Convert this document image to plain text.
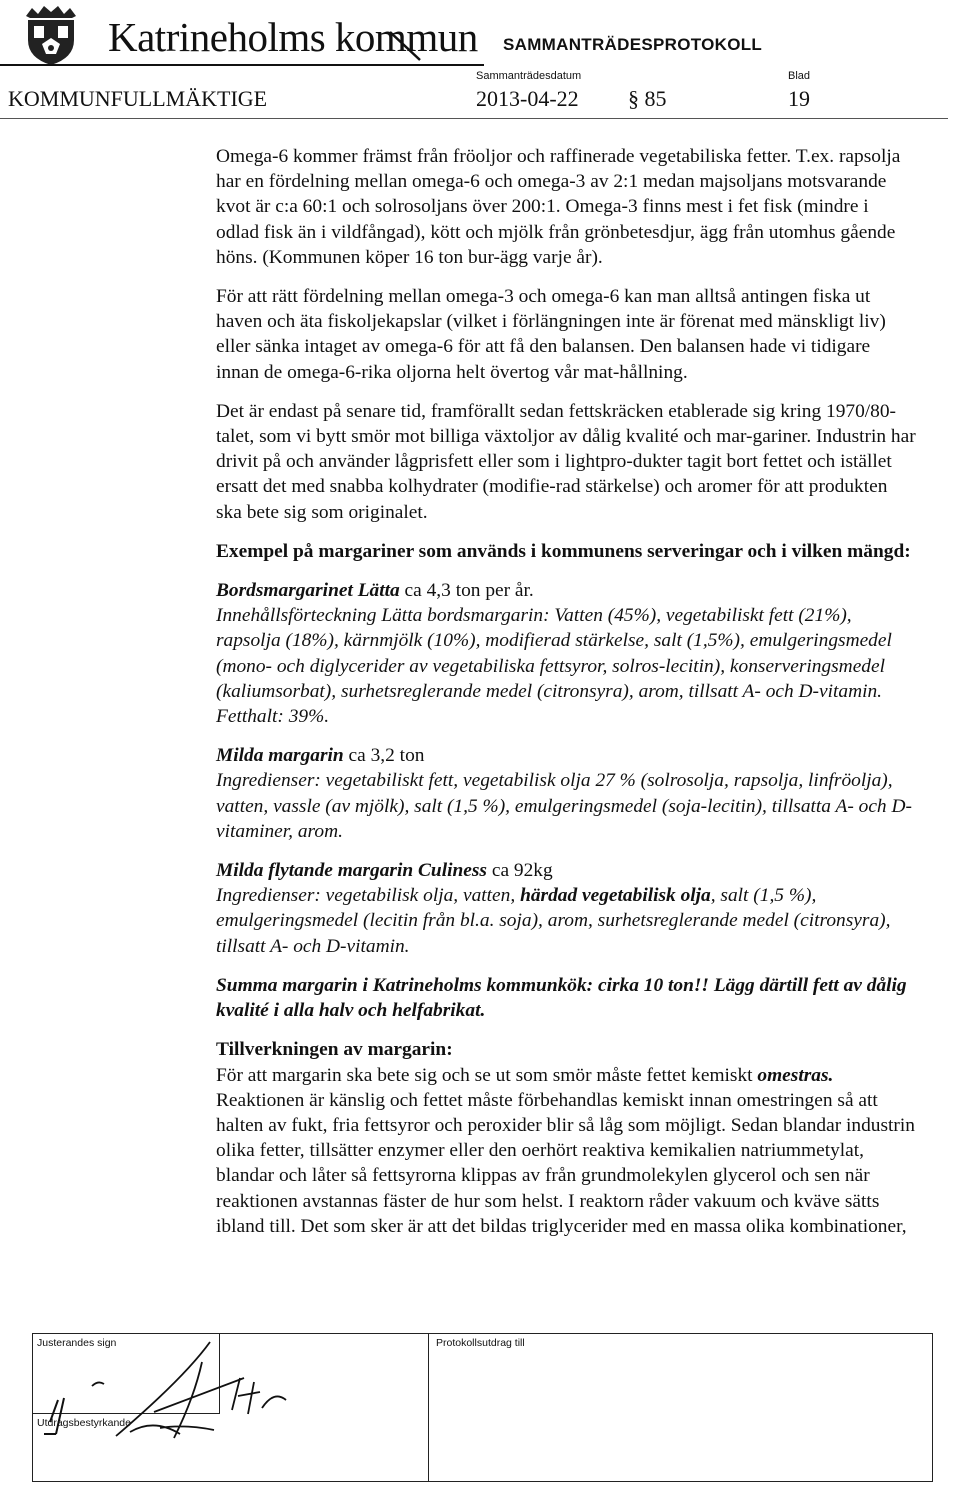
Katrineholms kommun SAMMANTRÄDESPROTOKOLL
KOMMUNFULLMÄKTIGE
Sammanträdesdatum
2013-04-22 § 85
Blad
19

Omega-6 kommer främst från fröoljor och raffinerade vegetabiliska fetter. T.ex. rapsolja har en fördelning mellan omega-6 och omega-3 av 2:1 medan majsoljans motsvarande kvot är c:a 60:1 och solrosoljans över 200:1. Omega-3 finns mest i fet fisk (mindre i odlad fisk än i vildfångad), kött och mjölk från grönbetesdjur, ägg från utomhus gående höns. (Kommunen köper 16 ton bur-ägg varje år).

För att rätt fördelning mellan omega-3 och omega-6 kan man alltså antingen fiska ut haven och äta fiskoljekapslar (vilket i förlängningen inte är förenat med mänskligt liv) eller sänka intaget av omega-6 för att få den balansen. Den balansen hade vi tidigare innan de omega-6-rika oljorna helt övertog vår mat-hållning.

Det är endast på senare tid, framförallt sedan fettskräcken etablerade sig kring 1970/80-talet, som vi bytt smör mot billiga växtoljor av dålig kvalité och mar-gariner. Industrin har drivit på och använder lågprisfett eller som i lightpro-dukter tagit bort fettet och istället ersatt det med snabba kolhydrater (modifie-rad stärkelse) och aromer för att produkten ska bete sig som originalet.

Exempel på margariner som används i kommunens serveringar och i vilken mängd:

Bordsmargarinet Lätta ca 4,3 ton per år.
Innehållsförteckning Lätta bordsmargarin: Vatten (45%), vegetabiliskt fett (21%), rapsolja (18%), kärnmjölk (10%), modifierad stärkelse, salt (1,5%), emulgeringsmedel (mono- och diglycerider av vegetabiliska fettsyror, solros-lecitin), konserveringsmedel (kaliumsorbat), surhetsreglerande medel (citronsyra), arom, tillsatt A- och D-vitamin. Fetthalt: 39%.

Milda margarin ca 3,2 ton
Ingredienser: vegetabiliskt fett, vegetabilisk olja 27 % (solrosolja, rapsolja, linfröolja), vatten, vassle (av mjölk), salt (1,5 %), emulgeringsmedel (soja-lecitin), tillsatta A- och D-vitaminer, arom.

Milda flytande margarin Culiness ca 92kg
Ingredienser: vegetabilisk olja, vatten, härdad vegetabilisk olja, salt (1,5 %), emulgeringsmedel (lecitin från bl.a. soja), arom, surhetsreglerande medel (citronsyra), tillsatt A- och D-vitamin.

Summa margarin i Katrineholms kommunkök: cirka 10 ton!! Lägg därtill fett av dålig kvalité i alla halv och helfabrikat.

Tillverkningen av margarin:
För att margarin ska bete sig och se ut som smör måste fettet kemiskt omestras. Reaktionen är känslig och fettet måste förbehandlas kemiskt innan omestringen så att halten av fukt, fria fettsyror och peroxider blir så låg som möjligt. Sedan blandar industrin olika fetter, tillsätter enzymer eller den oerhört reaktiva kemikalien natriummetylat, blandar och låter så fettsyrorna klippas av från grundmolekylen glycerol och sen när reaktionen avstannas fäster de hur som helst. I reaktorn råder vakuum och kväve sätts ibland till. Det som sker är att det bildas triglycerider med en massa olika kombinationer,

Justerandes sign
Utdragsbestyrkande
Protokollsutdrag till
